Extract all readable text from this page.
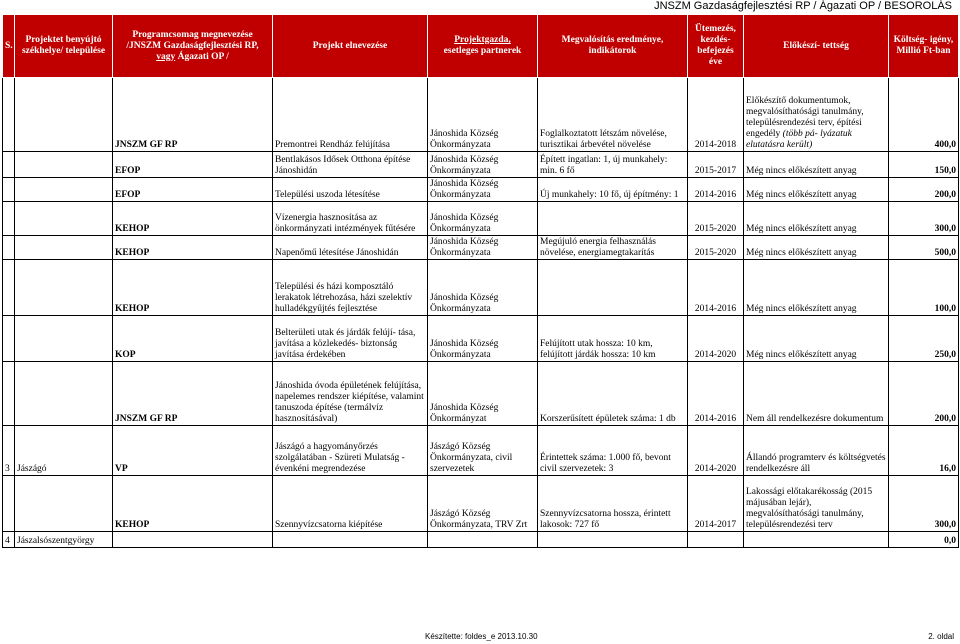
JNSZM Gazdaságfejlesztési RP / Ágazati OP / BESOROLÁS
S.	Projektet benyújtó székhelye/ települése	Programcsomag megnevezése /JNSZM Gazdaságfejlesztési RP,
vagy Ágazati OP /	Projekt elnevezése	Projektgazda,
esetleges partnerek	Megvalósítás eredménye, indikátorok	Ütemezés, kezdés- befejezés éve	Előkészí- tettség	Költség- igény, Millió Ft-ban
		JNSZM GF RP	Premontrei Rendház felújítása	Jánoshida Község Önkormányzata	Foglalkoztatott létszám növelése, turisztikai árbevétel növelése	2014-2018	Előkészítő dokumentumok, megvalósíthatósági tanulmány, településrendezési terv, építési engedély (több pá- lyázatuk elutatásra került)	400,0
		EFOP	Bentlakásos Idősek Otthona építése Jánoshidán	Jánoshida Község Önkormányzata	Épített ingatlan: 1, új munkahely: min. 6 fő	2015-2017	Még nincs előkészített anyag	150,0
		EFOP	Települési uszoda létesítése	Jánoshida Község Önkormányzata	Új munkahely: 10 fő, új építmény: 1	2014-2016	Még nincs előkészített anyag	200,0
		KEHOP	Vízenergia hasznosítása az önkormányzati intézmények fűtésére	Jánoshida Község Önkormányzata		2015-2020	Még nincs előkészített anyag	300,0
		KEHOP	Napenőmű létesítése Jánoshidán	Jánoshida Község Önkormányzata	Megújuló energia felhasználás növelése, energiamegtakarítás	2015-2020	Még nincs előkészített anyag	500,0
		KEHOP	Települési és házi komposztáló lerakatok létrehozása, házi szelektív hulladékgyűjtés fejlesztése	Jánoshida Község Önkormányzata		2014-2016	Még nincs előkészített anyag	100,0
		KOP	Belterületi utak és járdák felújí- tása, javítása a közlekedés- biztonság javítása érdekében	Jánoshida Község Önkormányzata	Felújított utak hossza: 10 km, felújított járdák hossza: 10 km	2014-2020	Még nincs előkészített anyag	250,0
		JNSZM GF RP	Jánoshida óvoda épületének felújítása, napelemes rendszer kiépítése, valamint tanuszoda építése (termálvíz hasznosításával)	Jánoshida Község Önkormányzat	Korszerűsített épületek száma: 1 db	2014-2016	Nem áll rendelkezésre dokumentum	200,0
3	Jászágó	VP	Jászágó a hagyományőrzés szolgálatában - Szüreti Mulatság - évenkéni megrendezése	Jászágó Község Önkormányzata, civil szervezetek	Érintettek száma: 1.000 fő, bevont civil szervezetek: 3	2014-2020	Állandó programterv és költségvetés rendelkezésre áll	16,0
		KEHOP	Szennyvízcsatorna kiépítése	Jászágó Község Önkormányzata, TRV Zrt	Szennyvízcsatorna hossza, érintett lakosok: 727 fő	2014-2017	Lakossági előtakarékosság (2015 májusában lejár), megvalósíthatósági tanulmány, településrendezési terv	300,0
4	Jászalsószentgyörgy							0,0
Készítette: foldes_e 2013.10.30	2. oldal
